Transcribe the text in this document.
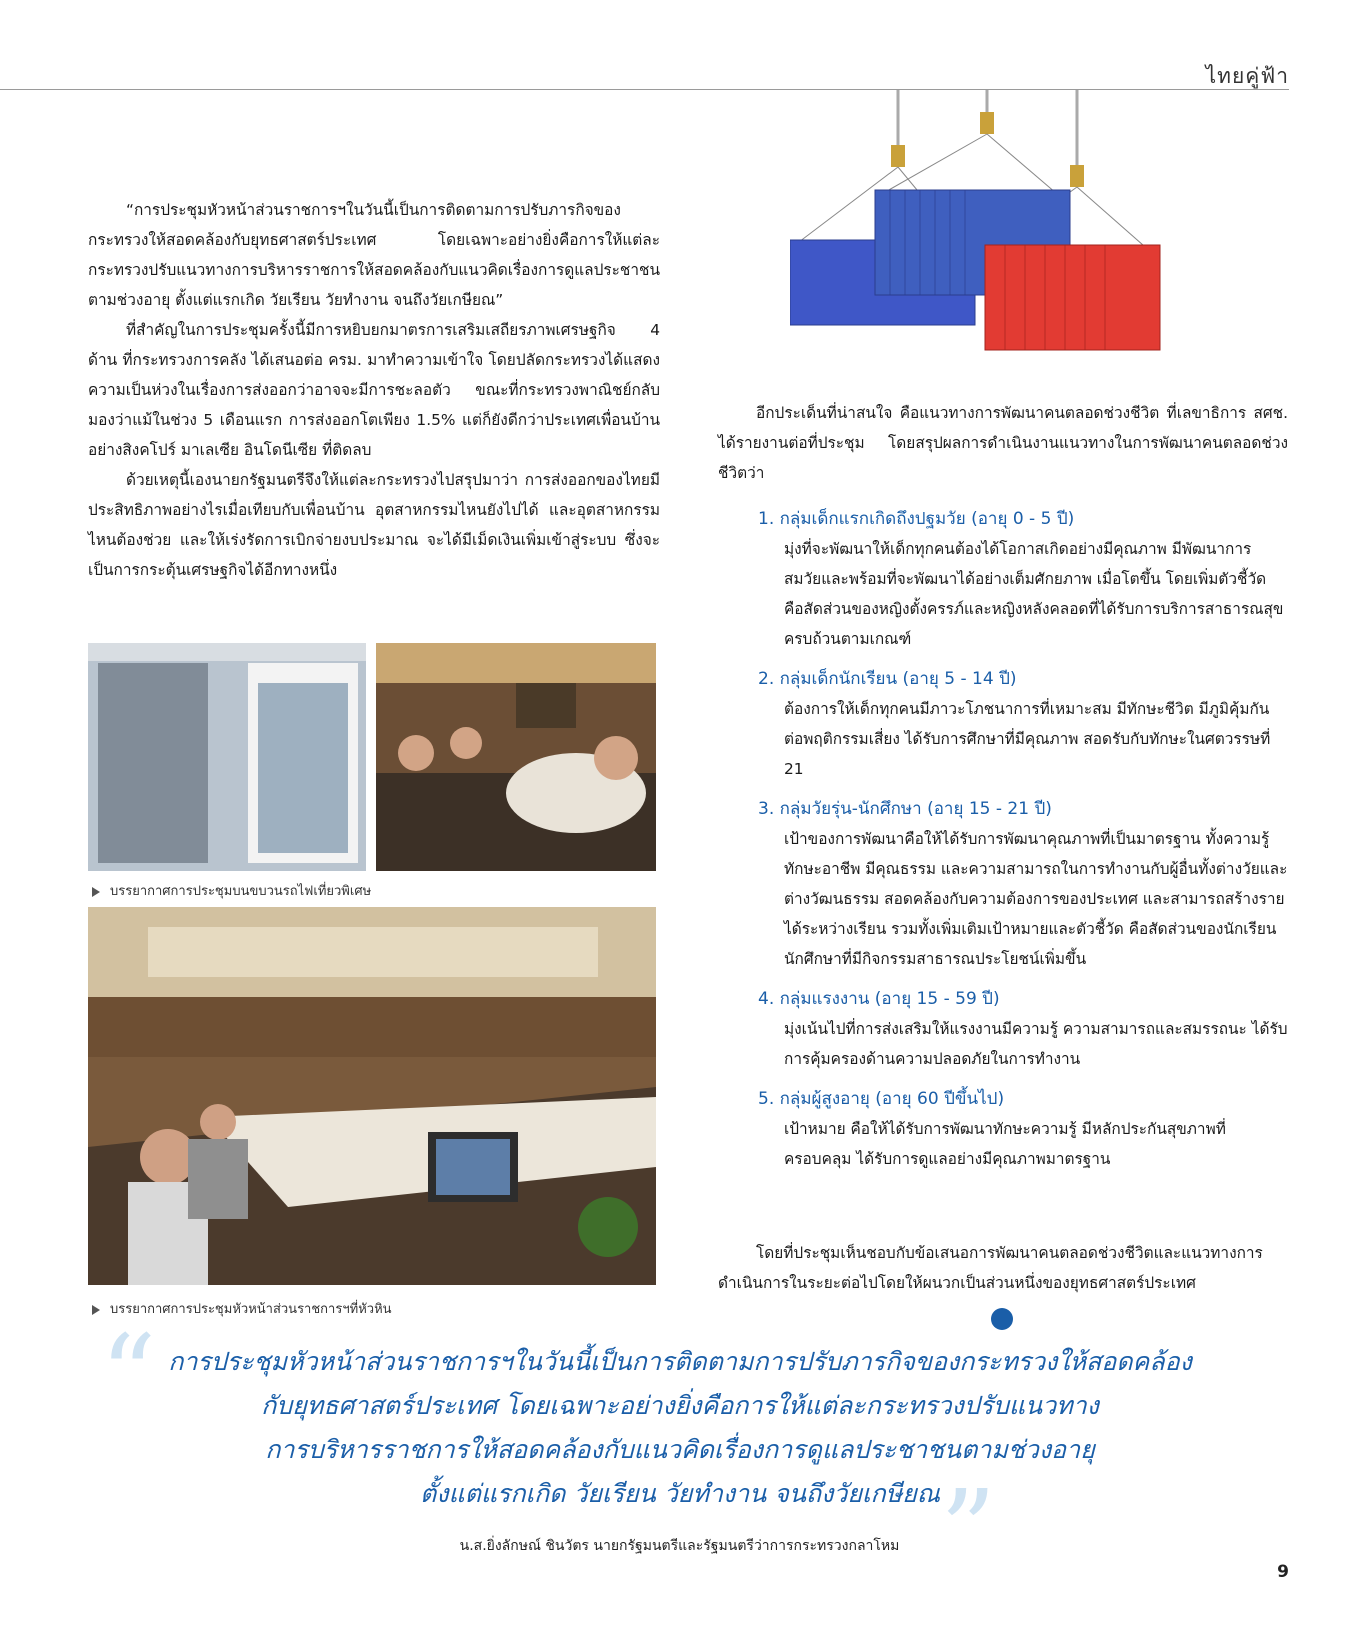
ไทยคู่ฟ้า

“การประชุมหัวหน้าส่วนราชการฯในวันนี้เป็นการติดตามการปรับภารกิจของกระทรวงให้สอดคล้องกับยุทธศาสตร์ประเทศ โดยเฉพาะอย่างยิ่งคือการให้แต่ละกระทรวงปรับแนวทางการบริหารราชการให้สอดคล้องกับแนวคิดเรื่องการดูแลประชาชนตามช่วงอายุ ตั้งแต่แรกเกิด วัยเรียน วัยทำงาน จนถึงวัยเกษียณ”

ที่สำคัญในการประชุมครั้งนี้มีการหยิบยกมาตรการเสริมเสถียรภาพเศรษฐกิจ 4 ด้าน ที่กระทรวงการคลัง ได้เสนอต่อ ครม. มาทำความเข้าใจ โดยปลัดกระทรวงได้แสดงความเป็นห่วงในเรื่องการส่งออกว่าอาจจะมีการชะลอตัว ขณะที่กระทรวงพาณิชย์กลับมองว่าแม้ในช่วง 5 เดือนแรก การส่งออกโตเพียง 1.5% แต่ก็ยังดีกว่าประเทศเพื่อนบ้านอย่างสิงคโปร์ มาเลเซีย อินโดนีเซีย ที่ติดลบ

ด้วยเหตุนี้เองนายกรัฐมนตรีจึงให้แต่ละกระทรวงไปสรุปมาว่า การส่งออกของไทยมีประสิทธิภาพอย่างไรเมื่อเทียบกับเพื่อนบ้าน อุตสาหกรรมไหนยังไปได้ และอุตสาหกรรมไหนต้องช่วย และให้เร่งรัดการเบิกจ่ายงบประมาณ จะได้มีเม็ดเงินเพิ่มเข้าสู่ระบบ ซึ่งจะเป็นการกระตุ้นเศรษฐกิจได้อีกทางหนึ่ง

บรรยากาศการประชุมบนขบวนรถไฟเที่ยวพิเศษ
บรรยากาศการประชุมหัวหน้าส่วนราชการฯที่หัวหิน

อีกประเด็นที่น่าสนใจ คือแนวทางการพัฒนาคนตลอดช่วงชีวิต ที่เลขาธิการ สศช. ได้รายงานต่อที่ประชุม โดยสรุปผลการดำเนินงานแนวทางในการพัฒนาคนตลอดช่วงชีวิตว่า

1. กลุ่มเด็กแรกเกิดถึงปฐมวัย (อายุ 0 - 5 ปี)
มุ่งที่จะพัฒนาให้เด็กทุกคนต้องได้โอกาสเกิดอย่างมีคุณภาพ มีพัฒนาการสมวัยและพร้อมที่จะพัฒนาได้อย่างเต็มศักยภาพ เมื่อโตขึ้น โดยเพิ่มตัวชี้วัด คือสัดส่วนของหญิงตั้งครรภ์และหญิงหลังคลอดที่ได้รับการบริการสาธารณสุขครบถ้วนตามเกณฑ์
2. กลุ่มเด็กนักเรียน (อายุ 5 - 14 ปี)
ต้องการให้เด็กทุกคนมีภาวะโภชนาการที่เหมาะสม มีทักษะชีวิต มีภูมิคุ้มกันต่อพฤติกรรมเสี่ยง ได้รับการศึกษาที่มีคุณภาพ สอดรับกับทักษะในศตวรรษที่ 21
3. กลุ่มวัยรุ่น-นักศึกษา (อายุ 15 - 21 ปี)
เป้าของการพัฒนาคือให้ได้รับการพัฒนาคุณภาพที่เป็นมาตรฐาน ทั้งความรู้ ทักษะอาชีพ มีคุณธรรม และความสามารถในการทำงานกับผู้อื่นทั้งต่างวัยและต่างวัฒนธรรม สอดคล้องกับความต้องการของประเทศ และสามารถสร้างรายได้ระหว่างเรียน รวมทั้งเพิ่มเติมเป้าหมายและตัวชี้วัด คือสัดส่วนของนักเรียนนักศึกษาที่มีกิจกรรมสาธารณประโยชน์เพิ่มขึ้น
4. กลุ่มแรงงาน (อายุ 15 - 59 ปี)
มุ่งเน้นไปที่การส่งเสริมให้แรงงานมีความรู้ ความสามารถและสมรรถนะ ได้รับการคุ้มครองด้านความปลอดภัยในการทำงาน
5. กลุ่มผู้สูงอายุ (อายุ 60 ปีขึ้นไป)
เป้าหมาย คือให้ได้รับการพัฒนาทักษะความรู้ มีหลักประกันสุขภาพที่ครอบคลุม ได้รับการดูแลอย่างมีคุณภาพมาตรฐาน

โดยที่ประชุมเห็นชอบกับข้อเสนอการพัฒนาคนตลอดช่วงชีวิตและแนวทางการดำเนินการในระยะต่อไปโดยให้ผนวกเป็นส่วนหนึ่งของยุทธศาสตร์ประเทศ

“ การประชุมหัวหน้าส่วนราชการฯในวันนี้เป็นการติดตามการปรับภารกิจของกระทรวงให้สอดคล้อง
กับยุทธศาสตร์ประเทศ โดยเฉพาะอย่างยิ่งคือการให้แต่ละกระทรวงปรับแนวทาง
การบริหารราชการให้สอดคล้องกับแนวคิดเรื่องการดูแลประชาชนตามช่วงอายุ
ตั้งแต่แรกเกิด วัยเรียน วัยทำงาน จนถึงวัยเกษียณ ”
น.ส.ยิ่งลักษณ์ ชินวัตร นายกรัฐมนตรีและรัฐมนตรีว่าการกระทรวงกลาโหม
9
